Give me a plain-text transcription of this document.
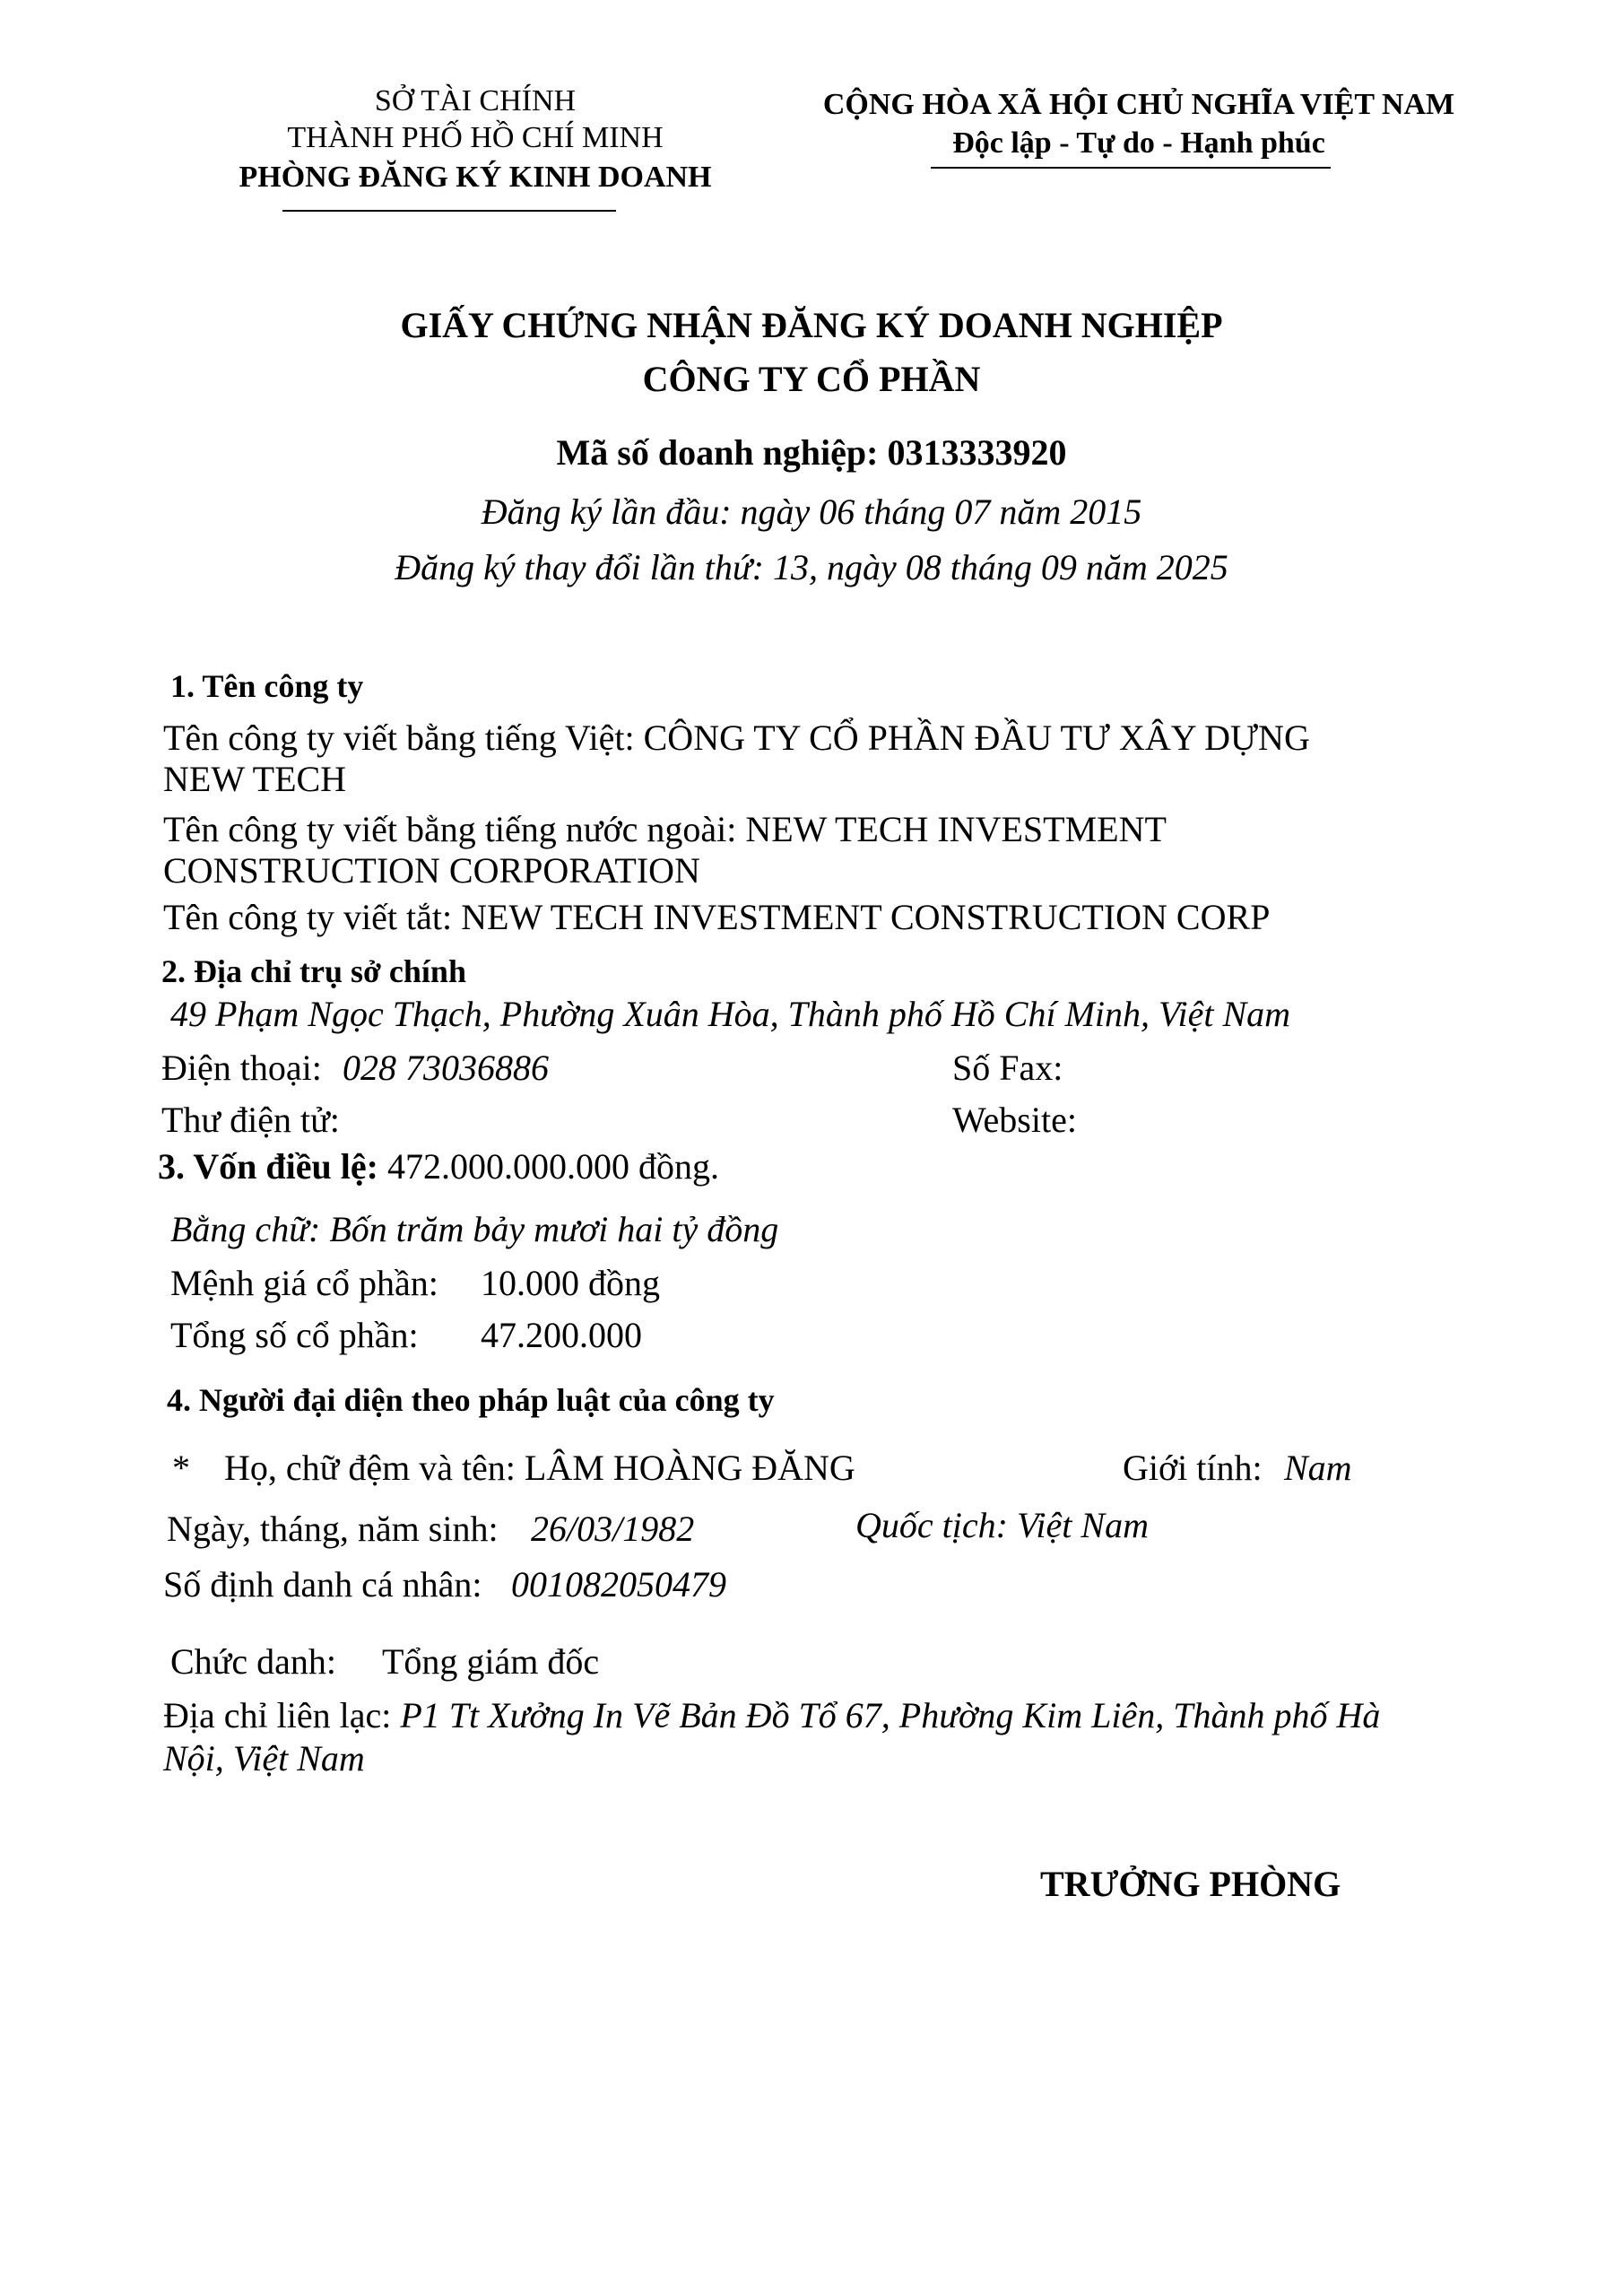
SỞ TÀI CHÍNH
THÀNH PHỐ HỒ CHÍ MINH
PHÒNG ĐĂNG KÝ KINH DOANH
CỘNG HÒA XÃ HỘI CHỦ NGHĨA VIỆT NAM
Độc lập - Tự do - Hạnh phúc
GIẤY CHỨNG NHẬN ĐĂNG KÝ DOANH NGHIỆP
CÔNG TY CỔ PHẦN
Mã số doanh nghiệp: 0313333920
Đăng ký lần đầu: ngày 06 tháng 07 năm 2015
Đăng ký thay đổi lần thứ: 13, ngày 08 tháng 09 năm 2025
1. Tên công ty
Tên công ty viết bằng tiếng Việt: CÔNG TY CỔ PHẦN ĐẦU TƯ XÂY DỰNG
NEW TECH
Tên công ty viết bằng tiếng nước ngoài: NEW TECH INVESTMENT
CONSTRUCTION CORPORATION
Tên công ty viết tắt: NEW TECH INVESTMENT CONSTRUCTION CORP
2. Địa chỉ trụ sở chính
49 Phạm Ngọc Thạch, Phường Xuân Hòa, Thành phố Hồ Chí Minh, Việt Nam
Điện thoại: 028 73036886	Số Fax:
Thư điện tử:	Website:
3. Vốn điều lệ: 472.000.000.000 đồng.
Bằng chữ: Bốn trăm bảy mươi hai tỷ đồng
Mệnh giá cổ phần: 10.000 đồng
Tổng số cổ phần: 47.200.000
4. Người đại diện theo pháp luật của công ty
* Họ, chữ đệm và tên: LÂM HOÀNG ĐĂNG	Giới tính: Nam
Ngày, tháng, năm sinh: 26/03/1982	Quốc tịch: Việt Nam
Số định danh cá nhân: 001082050479
Chức danh: Tổng giám đốc
Địa chỉ liên lạc: P1 Tt Xưởng In Vẽ Bản Đồ Tổ 67, Phường Kim Liên, Thành phố Hà
Nội, Việt Nam
TRƯỞNG PHÒNG
